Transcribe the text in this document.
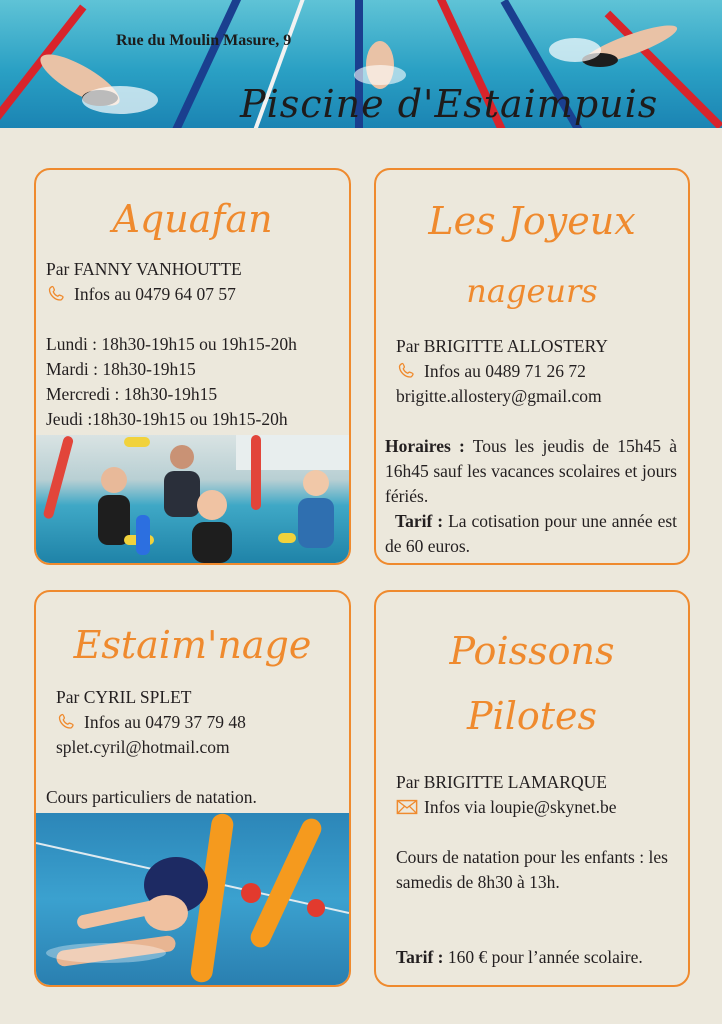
Rue du Moulin Masure, 9
Piscine d'Estaimpuis
Aquafan
Par FANNY VANHOUTTE
Infos au 0479 64 07 57
Lundi : 18h30-19h15 ou 19h15-20h
Mardi : 18h30-19h15
Mercredi : 18h30-19h15
Jeudi :18h30-19h15 ou 19h15-20h
Les Joyeux
nageurs
Par BRIGITTE ALLOSTERY
Infos au 0489 71 26 72
brigitte.allostery@gmail.com
Horaires : Tous les jeudis de 15h45 à 16h45 sauf les vacances scolaires et jours fériés.
Tarif : La cotisation pour une année est de 60 euros.
Estaim'nage
Par CYRIL SPLET
Infos au 0479 37 79 48
splet.cyril@hotmail.com
Cours particuliers de natation.
Poissons
Pilotes
Par BRIGITTE LAMARQUE
Infos via loupie@skynet.be
Cours de natation pour les enfants : les samedis de 8h30 à 13h.
Tarif : 160 € pour l’année scolaire.
